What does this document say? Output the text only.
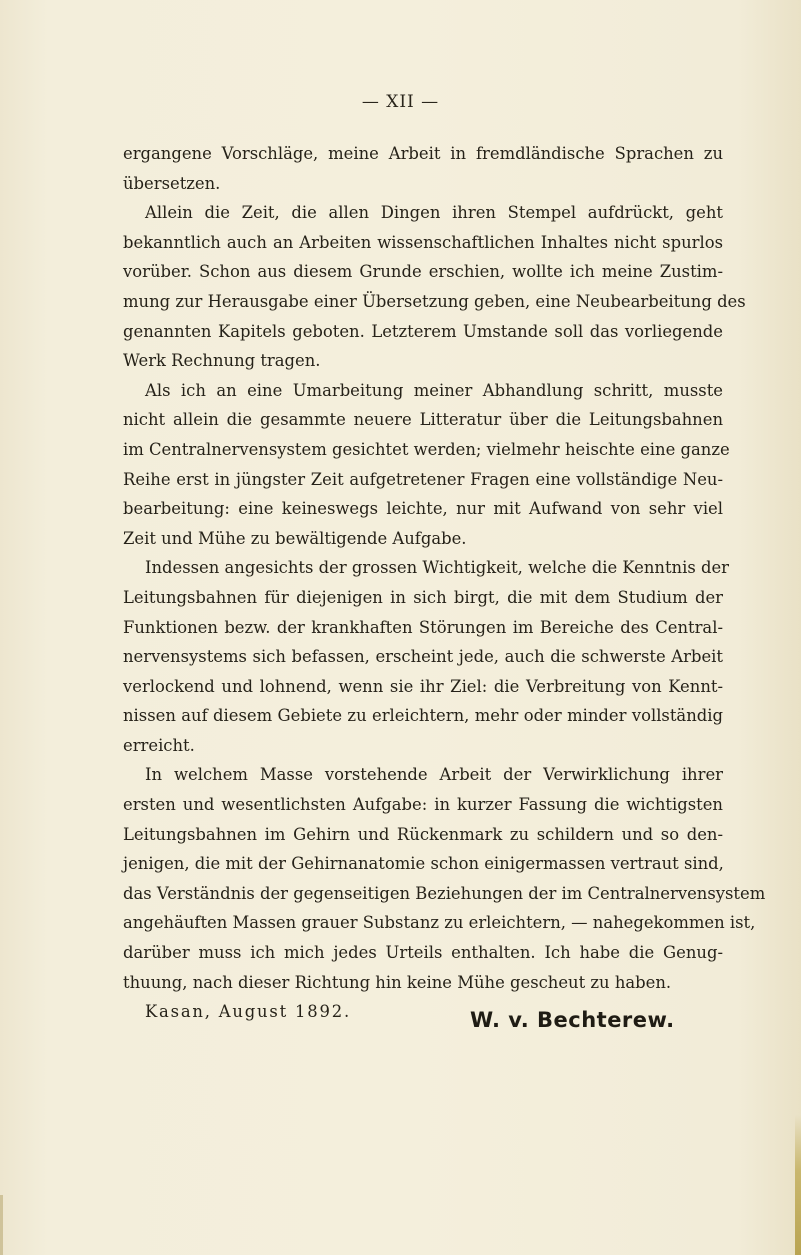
— XII —
ergangene Vorschläge, meine Arbeit in fremdländische Sprachen zu
übersetzen.
Allein die Zeit, die allen Dingen ihren Stempel aufdrückt, geht
bekanntlich auch an Arbeiten wissenschaftlichen Inhaltes nicht spurlos
vorüber. Schon aus diesem Grunde erschien, wollte ich meine Zustim-
mung zur Herausgabe einer Übersetzung geben, eine Neubearbeitung des
genannten Kapitels geboten. Letzterem Umstande soll das vorliegende
Werk Rechnung tragen.
Als ich an eine Umarbeitung meiner Abhandlung schritt, musste
nicht allein die gesammte neuere Litteratur über die Leitungsbahnen
im Centralnervensystem gesichtet werden; vielmehr heischte eine ganze
Reihe erst in jüngster Zeit aufgetretener Fragen eine vollständige Neu-
bearbeitung: eine keineswegs leichte, nur mit Aufwand von sehr viel
Zeit und Mühe zu bewältigende Aufgabe.
Indessen angesichts der grossen Wichtigkeit, welche die Kenntnis der
Leitungsbahnen für diejenigen in sich birgt, die mit dem Studium der
Funktionen bezw. der krankhaften Störungen im Bereiche des Central-
nervensystems sich befassen, erscheint jede, auch die schwerste Arbeit
verlockend und lohnend, wenn sie ihr Ziel: die Verbreitung von Kennt-
nissen auf diesem Gebiete zu erleichtern, mehr oder minder vollständig
erreicht.
In welchem Masse vorstehende Arbeit der Verwirklichung ihrer
ersten und wesentlichsten Aufgabe: in kurzer Fassung die wichtigsten
Leitungsbahnen im Gehirn und Rückenmark zu schildern und so den-
jenigen, die mit der Gehirnanatomie schon einigermassen vertraut sind,
das Verständnis der gegenseitigen Beziehungen der im Centralnervensystem
angehäuften Massen grauer Substanz zu erleichtern, — nahegekommen ist,
darüber muss ich mich jedes Urteils enthalten. Ich habe die Genug-
thuung, nach dieser Richtung hin keine Mühe gescheut zu haben.
Kasan, August 1892.	W. v. Bechterew.
